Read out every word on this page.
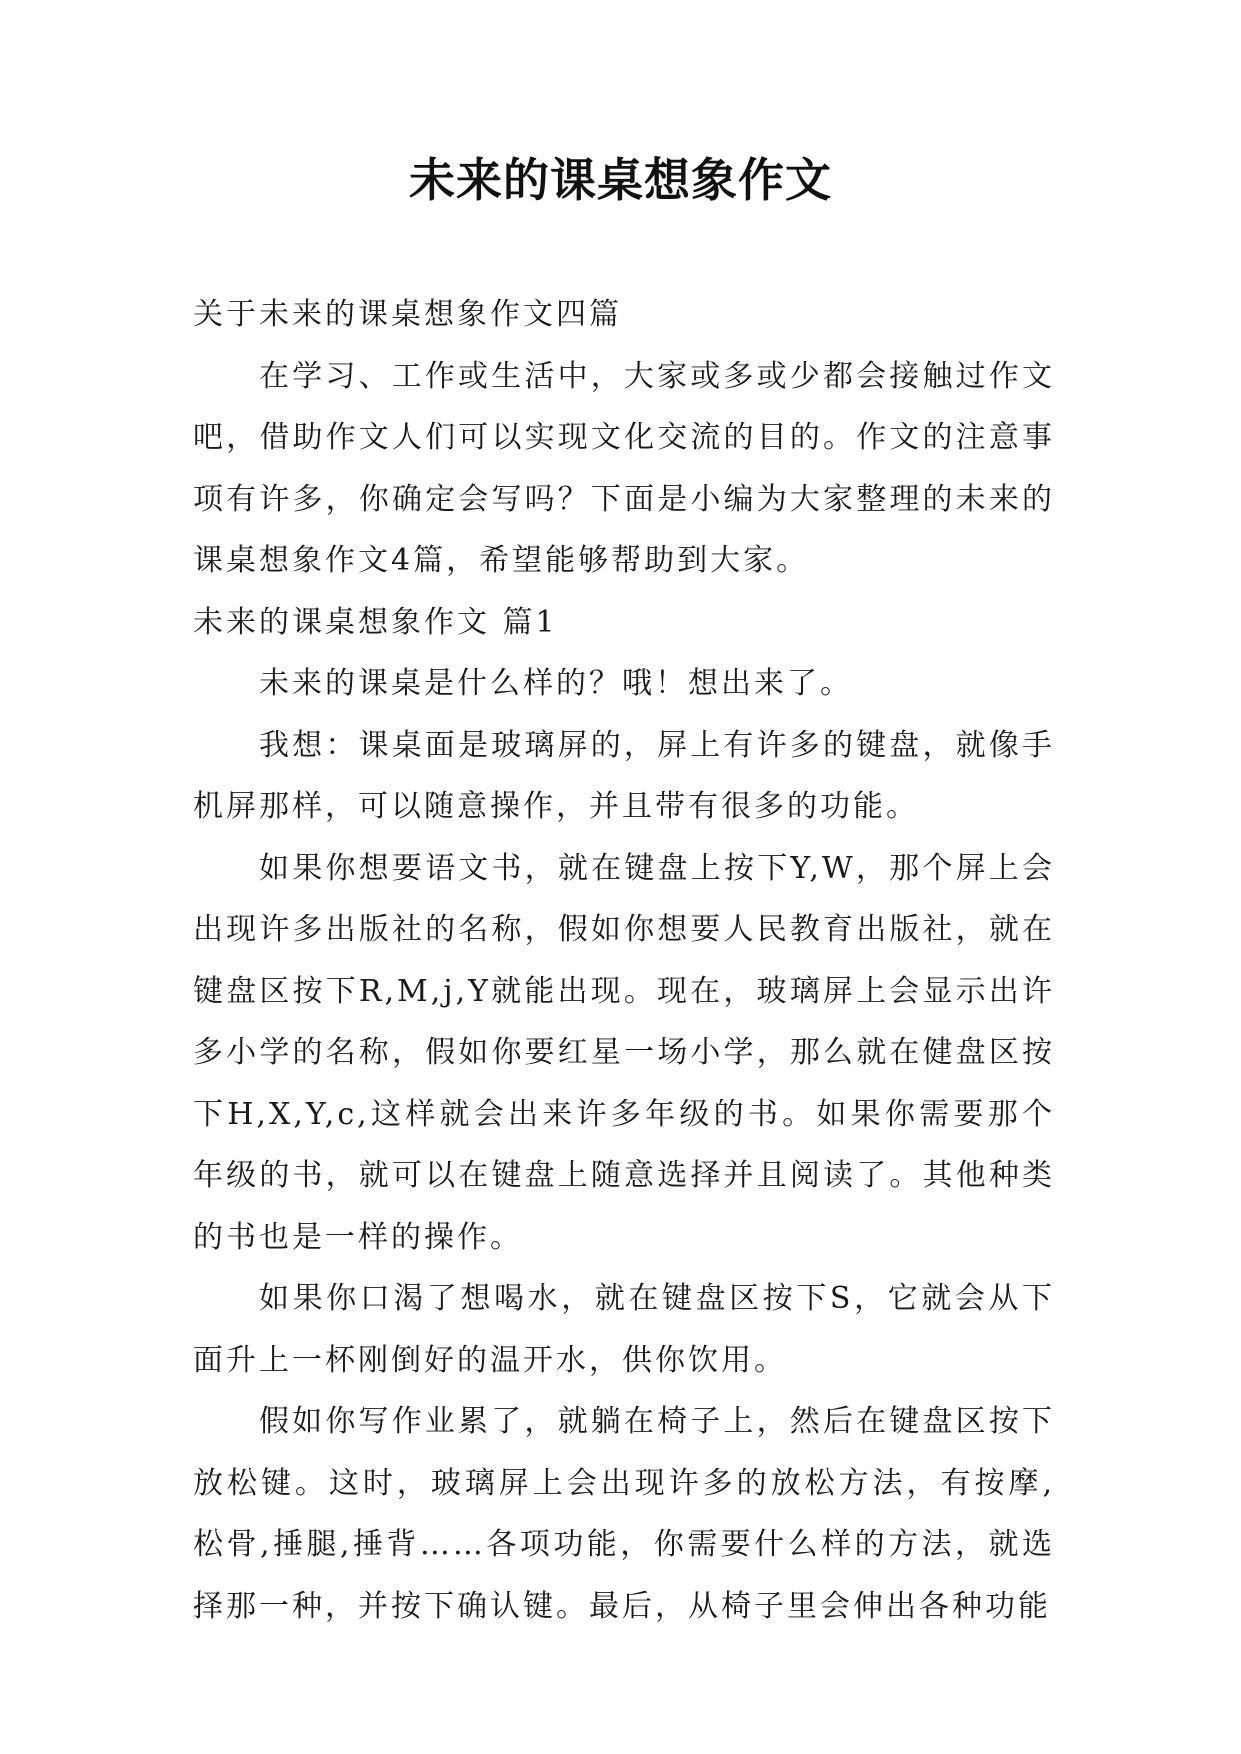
未来的课桌想象作文

关于未来的课桌想象作文四篇

在学习、工作或生活中，大家或多或少都会接触过作文吧，借助作文人们可以实现文化交流的目的。作文的注意事项有许多，你确定会写吗？下面是小编为大家整理的未来的课桌想象作文4篇，希望能够帮助到大家。

未来的课桌想象作文 篇1

未来的课桌是什么样的？哦！想出来了。

我想：课桌面是玻璃屏的，屏上有许多的键盘，就像手机屏那样，可以随意操作，并且带有很多的功能。

如果你想要语文书，就在键盘上按下Y,W，那个屏上会出现许多出版社的名称，假如你想要人民教育出版社，就在键盘区按下R,M,j,Y就能出现。现在，玻璃屏上会显示出许多小学的名称，假如你要红星一场小学，那么就在健盘区按下H,X,Y,c,这样就会出来许多年级的书。如果你需要那个年级的书，就可以在键盘上随意选择并且阅读了。其他种类的书也是一样的操作。

如果你口渴了想喝水，就在键盘区按下S，它就会从下面升上一杯刚倒好的温开水，供你饮用。

假如你写作业累了，就躺在椅子上，然后在键盘区按下放松键。这时，玻璃屏上会出现许多的放松方法，有按摩,松骨,捶腿,捶背……各项功能，你需要什么样的方法，就选择那一种，并按下确认键。最后，从椅子里会伸出各种功能
